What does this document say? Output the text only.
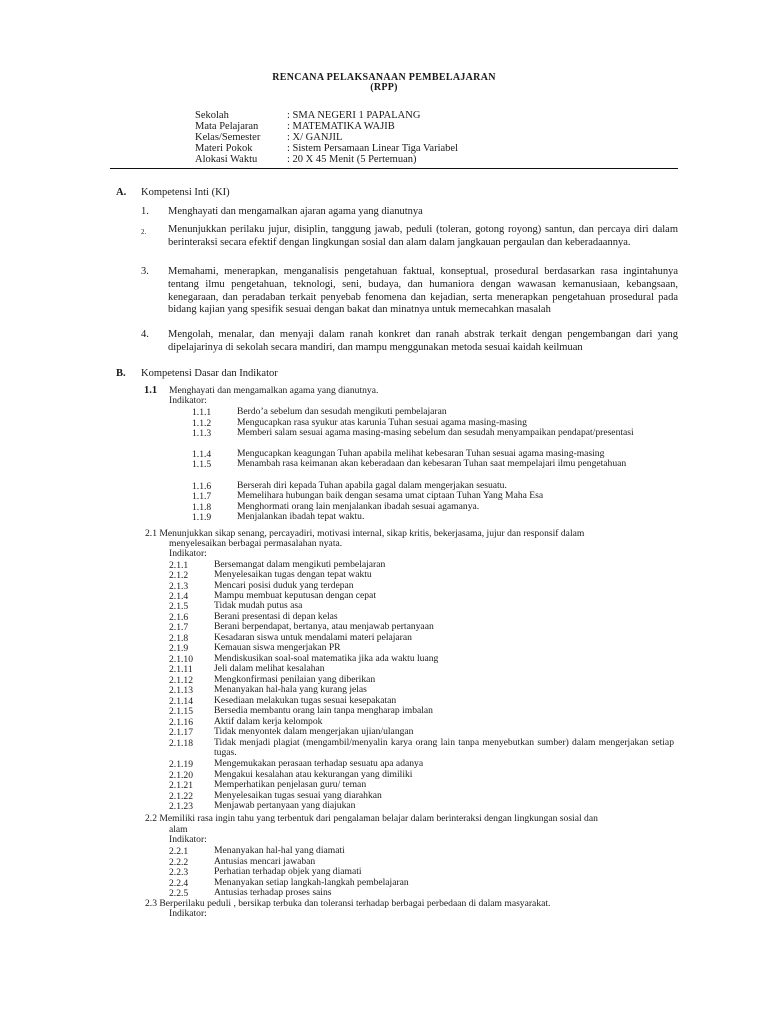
RENCANA PELAKSANAAN PEMBELAJARAN
(RPP)
Sekolah	: SMA NEGERI 1 PAPALANG
Mata Pelajaran	: MATEMATIKA WAJIB
Kelas/Semester	: X/ GANJIL
Materi Pokok	: Sistem Persamaan Linear Tiga Variabel
Alokasi Waktu	: 20 X 45 Menit (5 Pertemuan)
A. Kompetensi Inti (KI)
1. Menghayati dan mengamalkan ajaran agama yang dianutnya
2. Menunjukkan perilaku jujur, disiplin, tanggung jawab, peduli (toleran, gotong royong) santun, dan percaya diri dalam berinteraksi secara efektif dengan lingkungan sosial dan alam dalam jangkauan pergaulan dan keberadaannya.
3. Memahami, menerapkan, menganalisis pengetahuan faktual, konseptual, prosedural berdasarkan rasa ingintahunya tentang ilmu pengetahuan, teknologi, seni, budaya, dan humaniora dengan wawasan kemanusiaan, kebangsaan, kenegaraan, dan peradaban terkait penyebab fenomena dan kejadian, serta menerapkan pengetahuan prosedural pada bidang kajian yang spesifik sesuai dengan bakat dan minatnya untuk memecahkan masalah
4. Mengolah, menalar, dan menyaji dalam ranah konkret dan ranah abstrak terkait dengan pengembangan dari yang dipelajarinya di sekolah secara mandiri, dan mampu menggunakan metoda sesuai kaidah keilmuan
B. Kompetensi Dasar dan Indikator
1.1 Menghayati dan mengamalkan agama yang dianutnya.
Indikator:
1.1.1	Berdo’a sebelum dan sesudah mengikuti pembelajaran
1.1.2	Mengucapkan rasa syukur atas karunia Tuhan sesuai agama masing-masing
1.1.3	Memberi salam sesuai agama masing-masing sebelum dan sesudah menyampaikan pendapat/presentasi
1.1.4	Mengucapkan keagungan Tuhan apabila melihat kebesaran Tuhan sesuai agama masing-masing
1.1.5	Menambah rasa keimanan akan keberadaan dan kebesaran Tuhan saat mempelajari ilmu pengetahuan
1.1.6	Berserah diri kepada Tuhan apabila gagal dalam mengerjakan sesuatu.
1.1.7	Memelihara hubungan baik dengan sesama umat ciptaan Tuhan Yang Maha Esa
1.1.8	Menghormati orang lain menjalankan ibadah sesuai agamanya.
1.1.9	Menjalankan ibadah tepat waktu.
2.1 Menunjukkan sikap senang, percayadiri, motivasi internal, sikap kritis, bekerjasama, jujur dan responsif dalam
menyelesaikan berbagai permasalahan nyata.
Indikator:
2.1.1	Bersemangat dalam mengikuti pembelajaran
2.1.2	Menyelesaikan tugas dengan tepat waktu
2.1.3	Mencari posisi duduk yang terdepan
2.1.4	Mampu membuat keputusan dengan cepat
2.1.5	Tidak mudah putus asa
2.1.6	Berani presentasi di depan kelas
2.1.7	Berani berpendapat, bertanya, atau menjawab pertanyaan
2.1.8	Kesadaran siswa untuk mendalami materi pelajaran
2.1.9	Kemauan siswa mengerjakan PR
2.1.10 Mendiskusikan soal-soal matematika jika ada waktu luang
2.1.11 Jeli dalam melihat kesalahan
2.1.12 Mengkonfirmasi penilaian yang diberikan
2.1.13 Menanyakan hal-hala yang kurang jelas
2.1.14 Kesediaan melakukan tugas sesuai kesepakatan
2.1.15 Bersedia membantu orang lain tanpa mengharap imbalan
2.1.16 Aktif dalam kerja kelompok
2.1.17 Tidak menyontek dalam mengerjakan ujian/ulangan
2.1.18 Tidak menjadi plagiat (mengambil/menyalin karya orang lain tanpa menyebutkan sumber) dalam mengerjakan setiap tugas.
2.1.19 Mengemukakan perasaan terhadap sesuatu apa adanya
2.1.20 Mengakui kesalahan atau kekurangan yang dimiliki
2.1.21 Memperhatikan penjelasan guru/ teman
2.1.22 Menyelesaikan tugas sesuai yang diarahkan
2.1.23 Menjawab pertanyaan yang diajukan
2.2 Memiliki rasa ingin tahu yang terbentuk dari pengalaman belajar dalam berinteraksi dengan lingkungan sosial dan
alam
Indikator:
2.2.1	Menanyakan hal-hal yang diamati
2.2.2	Antusias mencari jawaban
2.2.3	Perhatian terhadap objek yang diamati
2.2.4	Menanyakan setiap langkah-langkah pembelajaran
2.2.5	Antusias terhadap proses sains
2.3 Berperilaku peduli , bersikap terbuka dan toleransi terhadap berbagai perbedaan di dalam masyarakat.
Indikator:
